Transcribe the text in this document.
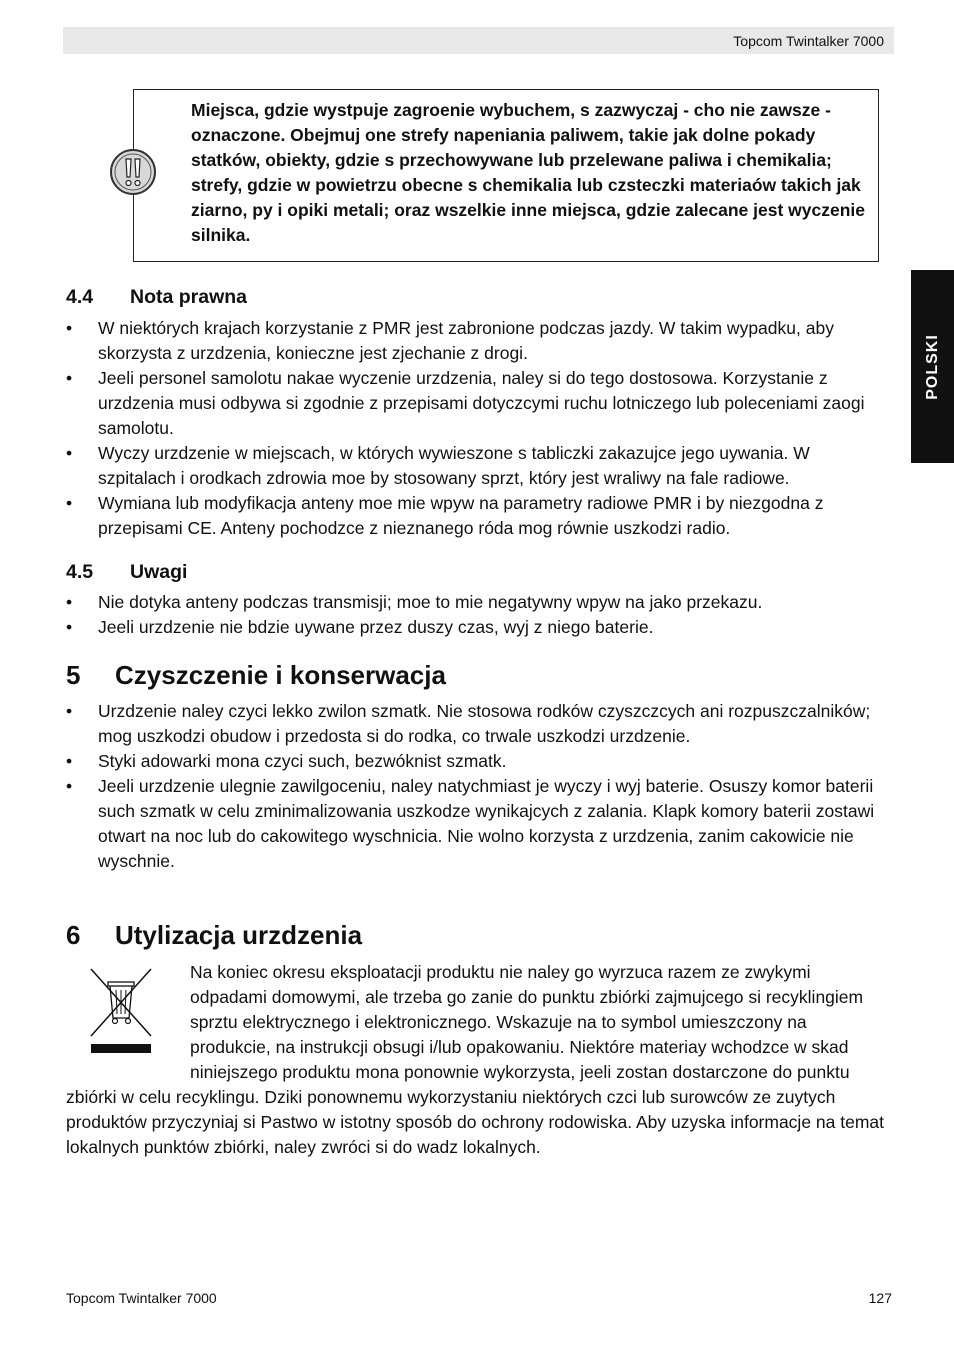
Topcom Twintalker 7000
POLSKI
Miejsca, gdzie wystpuje zagroenie wybuchem, s zazwyczaj - cho nie zawsze - oznaczone. Obejmuj one strefy napeniania paliwem, takie jak dolne pokady statków, obiekty, gdzie s przechowywane lub przelewane paliwa i chemikalia; strefy, gdzie w powietrzu obecne s chemikalia lub czsteczki materiaów takich jak ziarno, py i opiki metali; oraz wszelkie inne miejsca, gdzie zalecane jest wyczenie silnika.
4.4 Nota prawna
• W niektórych krajach korzystanie z PMR jest zabronione podczas jazdy. W takim wypadku, aby skorzysta z urzdzenia, konieczne jest zjechanie z drogi.
• Jeeli personel samolotu nakae wyczenie urzdzenia, naley si do tego dostosowa. Korzystanie z urzdzenia musi odbywa si zgodnie z przepisami dotyczcymi ruchu lotniczego lub poleceniami zaogi samolotu.
• Wyczy urzdzenie w miejscach, w których wywieszone s tabliczki zakazujce jego uywania. W szpitalach i orodkach zdrowia moe by stosowany sprzt, który jest wraliwy na fale radiowe.
• Wymiana lub modyfikacja anteny moe mie wpyw na parametry radiowe PMR i by niezgodna z przepisami CE. Anteny pochodzce z nieznanego róda mog równie uszkodzi radio.
4.5 Uwagi
• Nie dotyka anteny podczas transmisji; moe to mie negatywny wpyw na jako przekazu.
• Jeeli urzdzenie nie bdzie uywane przez duszy czas, wyj z niego baterie.
5 Czyszczenie i konserwacja
• Urzdzenie naley czyci lekko zwilon szmatk. Nie stosowa rodków czyszczcych ani rozpuszczalników; mog uszkodzi obudow i przedosta si do rodka, co trwale uszkodzi urzdzenie.
• Styki adowarki mona czyci such, bezwóknist szmatk.
• Jeeli urzdzenie ulegnie zawilgoceniu, naley natychmiast je wyczy i wyj baterie. Osuszy komor baterii such szmatk w celu zminimalizowania uszkodze wynikajcych z zalania. Klapk komory baterii zostawi otwart na noc lub do cakowitego wyschnicia. Nie wolno korzysta z urzdzenia, zanim cakowicie nie wyschnie.
6 Utylizacja urzdzenia
Na koniec okresu eksploatacji produktu nie naley go wyrzuca razem ze zwykymi odpadami domowymi, ale trzeba go zanie do punktu zbiórki zajmujcego si recyklingiem sprztu elektrycznego i elektronicznego. Wskazuje na to symbol umieszczony na produkcie, na instrukcji obsugi i/lub opakowaniu. Niektóre materiay wchodzce w skad niniejszego produktu mona ponownie wykorzysta, jeeli zostan dostarczone do punktu zbiórki w celu recyklingu. Dziki ponownemu wykorzystaniu niektórych czci lub surowców ze zuytych produktów przyczyniaj si Pastwo w istotny sposób do ochrony rodowiska. Aby uzyska informacje na temat lokalnych punktów zbiórki, naley zwróci si do wadz lokalnych.
Topcom Twintalker 7000	127
